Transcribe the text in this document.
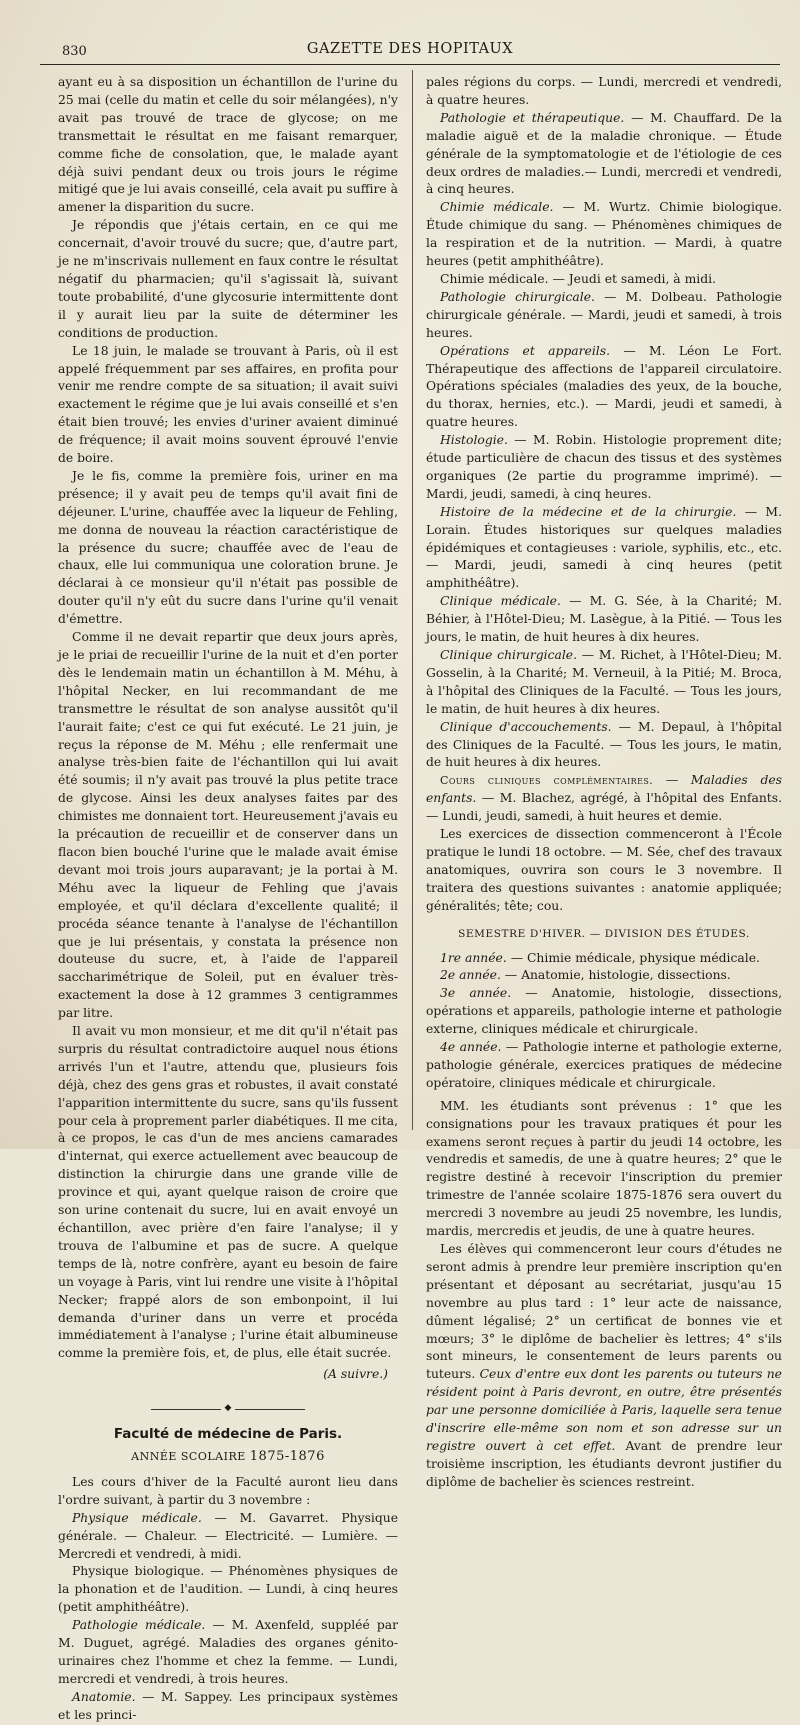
830	GAZETTE DES HOPITAUX

ayant eu à sa disposition un échantillon de l'urine du 25 mai (celle du matin et celle du soir mélangées), n'y avait pas trouvé de trace de glycose; on me transmettait le résultat en me faisant remarquer, comme fiche de consolation, que, le malade ayant déjà suivi pendant deux ou trois jours le régime mitigé que je lui avais conseillé, cela avait pu suffire à amener la disparition du sucre.

Je répondis que j'étais certain, en ce qui me concernait, d'avoir trouvé du sucre; que, d'autre part, je ne m'inscrivais nullement en faux contre le résultat négatif du pharmacien; qu'il s'agissait là, suivant toute probabilité, d'une glycosurie intermittente dont il y aurait lieu par la suite de déterminer les conditions de production.

Le 18 juin, le malade se trouvant à Paris, où il est appelé fréquemment par ses affaires, en profita pour venir me rendre compte de sa situation; il avait suivi exactement le régime que je lui avais conseillé et s'en était bien trouvé; les envies d'uriner avaient diminué de fréquence; il avait moins souvent éprouvé l'envie de boire.

Je le fis, comme la première fois, uriner en ma présence; il y avait peu de temps qu'il avait fini de déjeuner. L'urine, chauffée avec la liqueur de Fehling, me donna de nouveau la réaction caractéristique de la présence du sucre; chauffée avec de l'eau de chaux, elle lui communiqua une coloration brune. Je déclarai à ce monsieur qu'il n'était pas possible de douter qu'il n'y eût du sucre dans l'urine qu'il venait d'émettre.

Comme il ne devait repartir que deux jours après, je le priai de recueillir l'urine de la nuit et d'en porter dès le lendemain matin un échantillon à M. Méhu, à l'hôpital Necker, en lui recommandant de me transmettre le résultat de son analyse aussitôt qu'il l'aurait faite; c'est ce qui fut exécuté. Le 21 juin, je reçus la réponse de M. Méhu ; elle renfermait une analyse très-bien faite de l'échantillon qui lui avait été soumis; il n'y avait pas trouvé la plus petite trace de glycose. Ainsi les deux analyses faites par des chimistes me donnaient tort. Heureusement j'avais eu la précaution de recueillir et de conserver dans un flacon bien bouché l'urine que le malade avait émise devant moi trois jours auparavant; je la portai à M. Méhu avec la liqueur de Fehling que j'avais employée, et qu'il déclara d'excellente qualité; il procéda séance tenante à l'analyse de l'échantillon que je lui présentais, y constata la présence non douteuse du sucre, et, à l'aide de l'appareil saccharimétrique de Soleil, put en évaluer très-exactement la dose à 12 grammes 3 centigrammes par litre.

Il avait vu mon monsieur, et me dit qu'il n'était pas surpris du résultat contradictoire auquel nous étions arrivés l'un et l'autre, attendu que, plusieurs fois déjà, chez des gens gras et robustes, il avait constaté l'apparition intermittente du sucre, sans qu'ils fussent pour cela à proprement parler diabétiques. Il me cita, à ce propos, le cas d'un de mes anciens camarades d'internat, qui exerce actuellement avec beaucoup de distinction la chirurgie dans une grande ville de province et qui, ayant quelque raison de croire que son urine contenait du sucre, lui en avait envoyé un échantillon, avec prière d'en faire l'analyse; il y trouva de l'albumine et pas de sucre. A quelque temps de là, notre confrère, ayant eu besoin de faire un voyage à Paris, vint lui rendre une visite à l'hôpital Necker; frappé alors de son embonpoint, il lui demanda d'uriner dans un verre et procéda immédiatement à l'analyse ; l'urine était albumineuse comme la première fois, et, de plus, elle était sucrée.

(A suivre.)

◆
Faculté de médecine de Paris.
ANNÉE SCOLAIRE 1875-1876

Les cours d'hiver de la Faculté auront lieu dans l'ordre suivant, à partir du 3 novembre :

Physique médicale. — M. Gavarret. Physique générale. — Chaleur. — Electricité. — Lumière. — Mercredi et vendredi, à midi.

Physique biologique. — Phénomènes physiques de la phonation et de l'audition. — Lundi, à cinq heures (petit amphithéâtre).

Pathologie médicale. — M. Axenfeld, suppléé par M. Duguet, agrégé. Maladies des organes génito-urinaires chez l'homme et chez la femme. — Lundi, mercredi et vendredi, à trois heures.

Anatomie. — M. Sappey. Les principaux systèmes et les princi-

pales régions du corps. — Lundi, mercredi et vendredi, à quatre heures.

Pathologie et thérapeutique. — M. Chauffard. De la maladie aiguë et de la maladie chronique. — Étude générale de la symptomatologie et de l'étiologie de ces deux ordres de maladies.— Lundi, mercredi et vendredi, à cinq heures.

Chimie médicale. — M. Wurtz. Chimie biologique. Étude chimique du sang. — Phénomènes chimiques de la respiration et de la nutrition. — Mardi, à quatre heures (petit amphithéâtre).

Chimie médicale. — Jeudi et samedi, à midi.

Pathologie chirurgicale. — M. Dolbeau. Pathologie chirurgicale générale. — Mardi, jeudi et samedi, à trois heures.

Opérations et appareils. — M. Léon Le Fort. Thérapeutique des affections de l'appareil circulatoire. Opérations spéciales (maladies des yeux, de la bouche, du thorax, hernies, etc.). — Mardi, jeudi et samedi, à quatre heures.

Histologie. — M. Robin. Histologie proprement dite; étude particulière de chacun des tissus et des systèmes organiques (2e partie du programme imprimé). — Mardi, jeudi, samedi, à cinq heures.

Histoire de la médecine et de la chirurgie. — M. Lorain. Études historiques sur quelques maladies épidémiques et contagieuses : variole, syphilis, etc., etc. — Mardi, jeudi, samedi à cinq heures (petit amphithéâtre).

Clinique médicale. — M. G. Sée, à la Charité; M. Béhier, à l'Hôtel-Dieu; M. Lasègue, à la Pitié. — Tous les jours, le matin, de huit heures à dix heures.

Clinique chirurgicale. — M. Richet, à l'Hôtel-Dieu; M. Gosselin, à la Charité; M. Verneuil, à la Pitié; M. Broca, à l'hôpital des Cliniques de la Faculté. — Tous les jours, le matin, de huit heures à dix heures.

Clinique d'accouchements. — M. Depaul, à l'hôpital des Cliniques de la Faculté. — Tous les jours, le matin, de huit heures à dix heures.

Cours cliniques complémentaires. — Maladies des enfants. — M. Blachez, agrégé, à l'hôpital des Enfants. — Lundi, jeudi, samedi, à huit heures et demie.

Les exercices de dissection commenceront à l'École pratique le lundi 18 octobre. — M. Sée, chef des travaux anatomiques, ouvrira son cours le 3 novembre. Il traitera des questions suivantes : anatomie appliquée; généralités; tête; cou.

SEMESTRE D'HIVER. — DIVISION DES ÉTUDES.

1re année. — Chimie médicale, physique médicale.

2e année. — Anatomie, histologie, dissections.

3e année. — Anatomie, histologie, dissections, opérations et appareils, pathologie interne et pathologie externe, cliniques médicale et chirurgicale.

4e année. — Pathologie interne et pathologie externe, pathologie générale, exercices pratiques de médecine opératoire, cliniques médicale et chirurgicale.

MM. les étudiants sont prévenus : 1° que les consignations pour les travaux pratiques ét pour les examens seront reçues à partir du jeudi 14 octobre, les vendredis et samedis, de une à quatre heures; 2° que le registre destiné à recevoir l'inscription du premier trimestre de l'année scolaire 1875-1876 sera ouvert du mercredi 3 novembre au jeudi 25 novembre, les lundis, mardis, mercredis et jeudis, de une à quatre heures.

Les élèves qui commenceront leur cours d'études ne seront admis à prendre leur première inscription qu'en présentant et déposant au secrétariat, jusqu'au 15 novembre au plus tard : 1° leur acte de naissance, dûment légalisé; 2° un certificat de bonnes vie et mœurs; 3° le diplôme de bachelier ès lettres; 4° s'ils sont mineurs, le consentement de leurs parents ou tuteurs. Ceux d'entre eux dont les parents ou tuteurs ne résident point à Paris devront, en outre, être présentés par une personne domiciliée à Paris, laquelle sera tenue d'inscrire elle-même son nom et son adresse sur un registre ouvert à cet effet. Avant de prendre leur troisième inscription, les étudiants devront justifier du diplôme de bachelier ès sciences restreint.
